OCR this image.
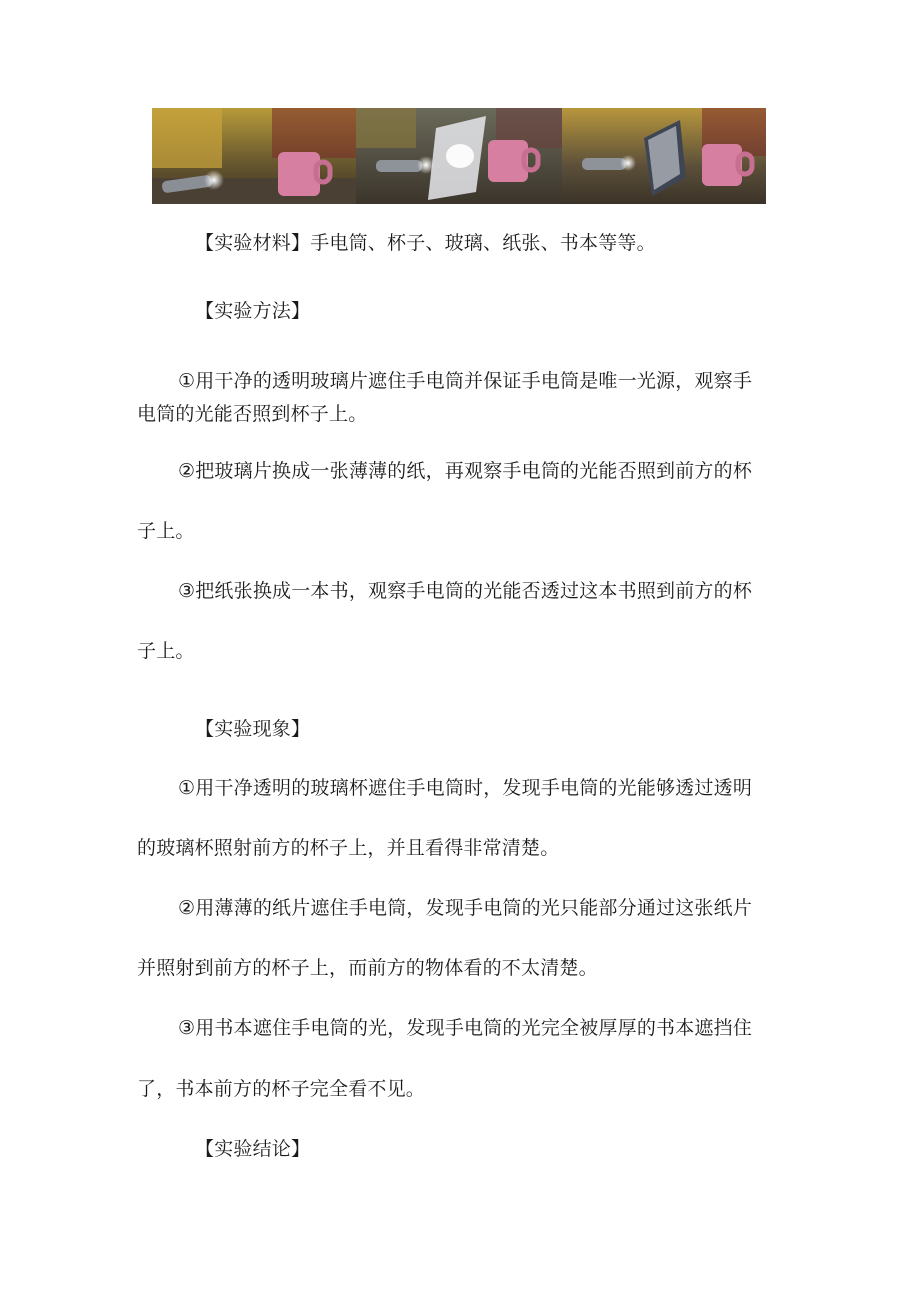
【实验材料】手电筒、杯子、玻璃、纸张、书本等等。
【实验方法】
①用干净的透明玻璃片遮住手电筒并保证手电筒是唯一光源，观察手
电筒的光能否照到杯子上。
②把玻璃片换成一张薄薄的纸，再观察手电筒的光能否照到前方的杯
子上。
③把纸张换成一本书，观察手电筒的光能否透过这本书照到前方的杯
子上。
【实验现象】
①用干净透明的玻璃杯遮住手电筒时，发现手电筒的光能够透过透明
的玻璃杯照射前方的杯子上，并且看得非常清楚。
②用薄薄的纸片遮住手电筒，发现手电筒的光只能部分通过这张纸片
并照射到前方的杯子上，而前方的物体看的不太清楚。
③用书本遮住手电筒的光，发现手电筒的光完全被厚厚的书本遮挡住
了，书本前方的杯子完全看不见。
【实验结论】
